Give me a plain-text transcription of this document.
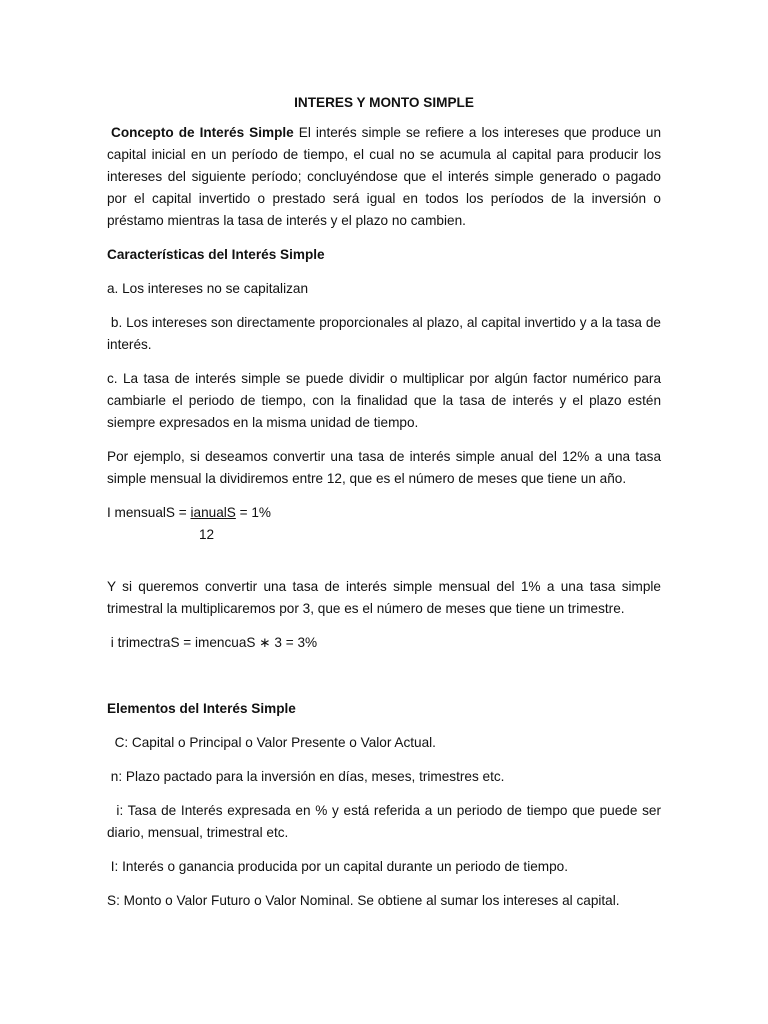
INTERES Y MONTO SIMPLE

Concepto de Interés Simple El interés simple se refiere a los intereses que produce un capital inicial en un período de tiempo, el cual no se acumula al capital para producir los intereses del siguiente período; concluyéndose que el interés simple generado o pagado por el capital invertido o prestado será igual en todos los períodos de la inversión o préstamo mientras la tasa de interés y el plazo no cambien.

Características del Interés Simple

a. Los intereses no se capitalizan

b. Los intereses son directamente proporcionales al plazo, al capital invertido y a la tasa de interés.

c. La tasa de interés simple se puede dividir o multiplicar por algún factor numérico para cambiarle el periodo de tiempo, con la finalidad que la tasa de interés y el plazo estén siempre expresados en la misma unidad de tiempo.

Por ejemplo, si deseamos convertir una tasa de interés simple anual del 12% a una tasa simple mensual la dividiremos entre 12, que es el número de meses que tiene un año.

I mensualS = ianualS = 1%
12

Y si queremos convertir una tasa de interés simple mensual del 1% a una tasa simple trimestral la multiplicaremos por 3, que es el número de meses que tiene un trimestre.

i trimectraS = imencuaS ∗ 3 = 3%

Elementos del Interés Simple

C: Capital o Principal o Valor Presente o Valor Actual.

n: Plazo pactado para la inversión en días, meses, trimestres etc.

i: Tasa de Interés expresada en % y está referida a un periodo de tiempo que puede ser diario, mensual, trimestral etc.

I: Interés o ganancia producida por un capital durante un periodo de tiempo.

S: Monto o Valor Futuro o Valor Nominal. Se obtiene al sumar los intereses al capital.
